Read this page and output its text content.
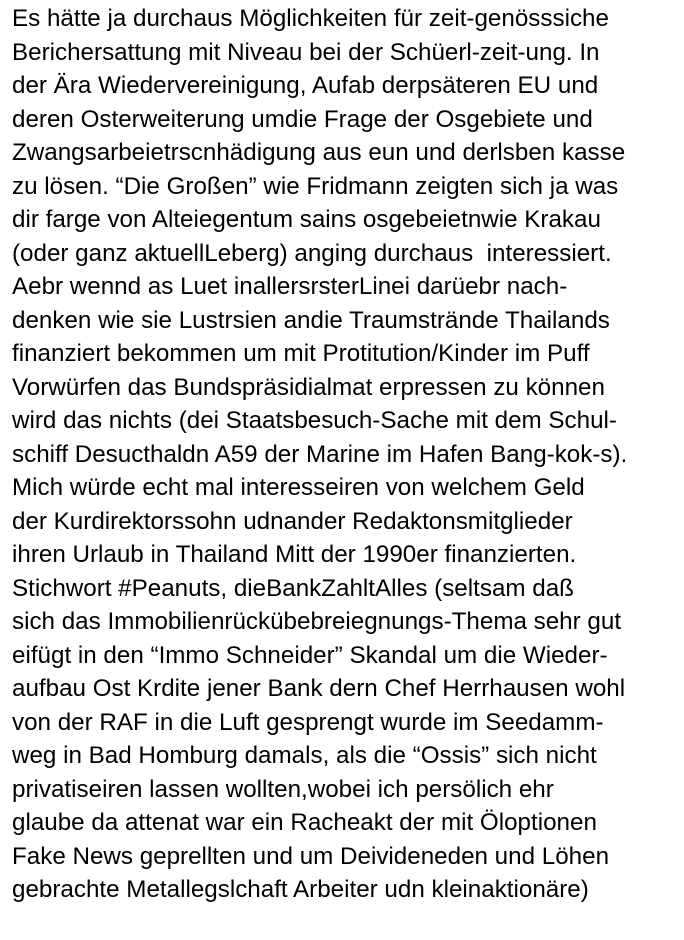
Es hätte ja durchaus Möglichkeiten für zeit-genösssiche
Berichersattung mit Niveau bei der Schüerl-zeit-ung. In
der Ära Wiedervereinigung, Aufab derpsäteren EU und
deren Osterweiterung umdie Frage der Osgebiete und
Zwangsarbeietrscnhädigung aus eun und derlsben kasse
zu lösen. “Die Großen” wie Fridmann zeigten sich ja was
dir farge von Alteiegentum sains osgebeietnwie Krakau
(oder ganz aktuellLeberg) anging durchaus  interessiert.
Aebr wennd as Luet inallersrsterLinei darüebr nach-
denken wie sie Lustrsien andie Traumstrände Thailands
finanziert bekommen um mit Protitution/Kinder im Puff
Vorwürfen das Bundspräsidialmat erpressen zu können
wird das nichts (dei Staatsbesuch-Sache mit dem Schul-
schiff Desucthaldn A59 der Marine im Hafen Bang-kok-s).
Mich würde echt mal interesseiren von welchem Geld
der Kurdirektorssohn udnander Redaktonsmitglieder
ihren Urlaub in Thailand Mitt der 1990er finanzierten.
Stichwort #Peanuts, dieBankZahltAlles (seltsam daß
sich das Immobilienrückübebreiegnungs-Thema sehr gut
eifügt in den “Immo Schneider” Skandal um die Wieder-
aufbau Ost Krdite jener Bank dern Chef Herrhausen wohl
von der RAF in die Luft gesprengt wurde im Seedamm-
weg in Bad Homburg damals, als die “Ossis” sich nicht
privatiseiren lassen wollten,wobei ich persölich ehr
glaube da attenat war ein Racheakt der mit Öloptionen
Fake News geprellten und um Deivideneden und Löhen
gebrachte Metallegslchaft Arbeiter udn kleinaktionäre)
